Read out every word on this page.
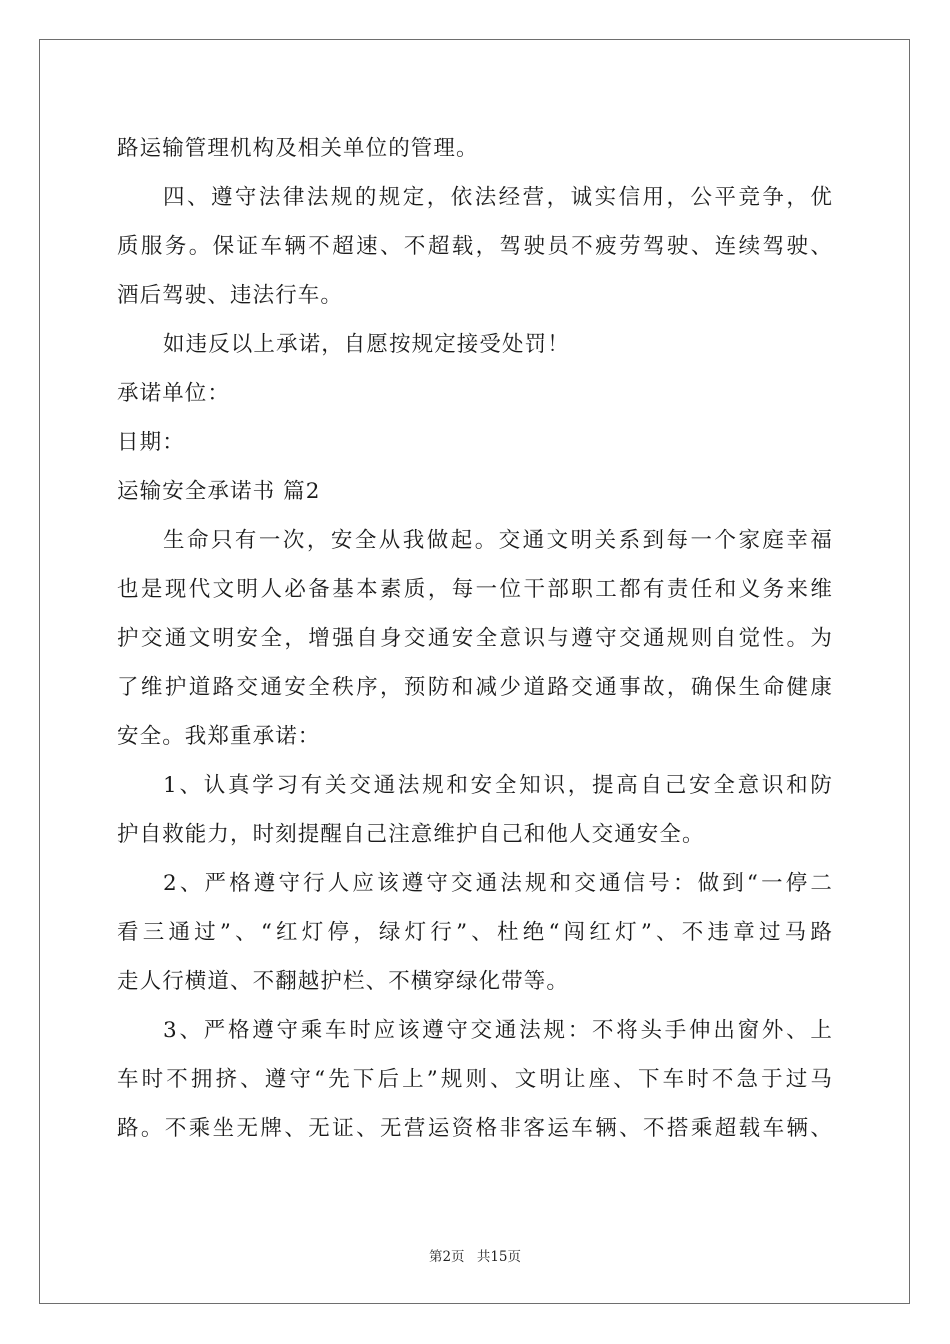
路运输管理机构及相关单位的管理。
四、遵守法律法规的规定，依法经营，诚实信用，公平竞争，优
质服务。保证车辆不超速、不超载，驾驶员不疲劳驾驶、连续驾驶、
酒后驾驶、违法行车。
如违反以上承诺，自愿按规定接受处罚！
承诺单位：
日期：
运输安全承诺书 篇2
生命只有一次，安全从我做起。交通文明关系到每一个家庭幸福
也是现代文明人必备基本素质，每一位干部职工都有责任和义务来维
护交通文明安全，增强自身交通安全意识与遵守交通规则自觉性。为
了维护道路交通安全秩序，预防和减少道路交通事故，确保生命健康
安全。我郑重承诺：
1、认真学习有关交通法规和安全知识，提高自己安全意识和防
护自救能力，时刻提醒自己注意维护自己和他人交通安全。
2、严格遵守行人应该遵守交通法规和交通信号：做到“一停二
看三通过”、“红灯停，绿灯行”、杜绝“闯红灯”、不违章过马路
走人行横道、不翻越护栏、不横穿绿化带等。
3、严格遵守乘车时应该遵守交通法规：不将头手伸出窗外、上
车时不拥挤、遵守“先下后上”规则、文明让座、下车时不急于过马
路。不乘坐无牌、无证、无营运资格非客运车辆、不搭乘超载车辆、
第2页 共15页
